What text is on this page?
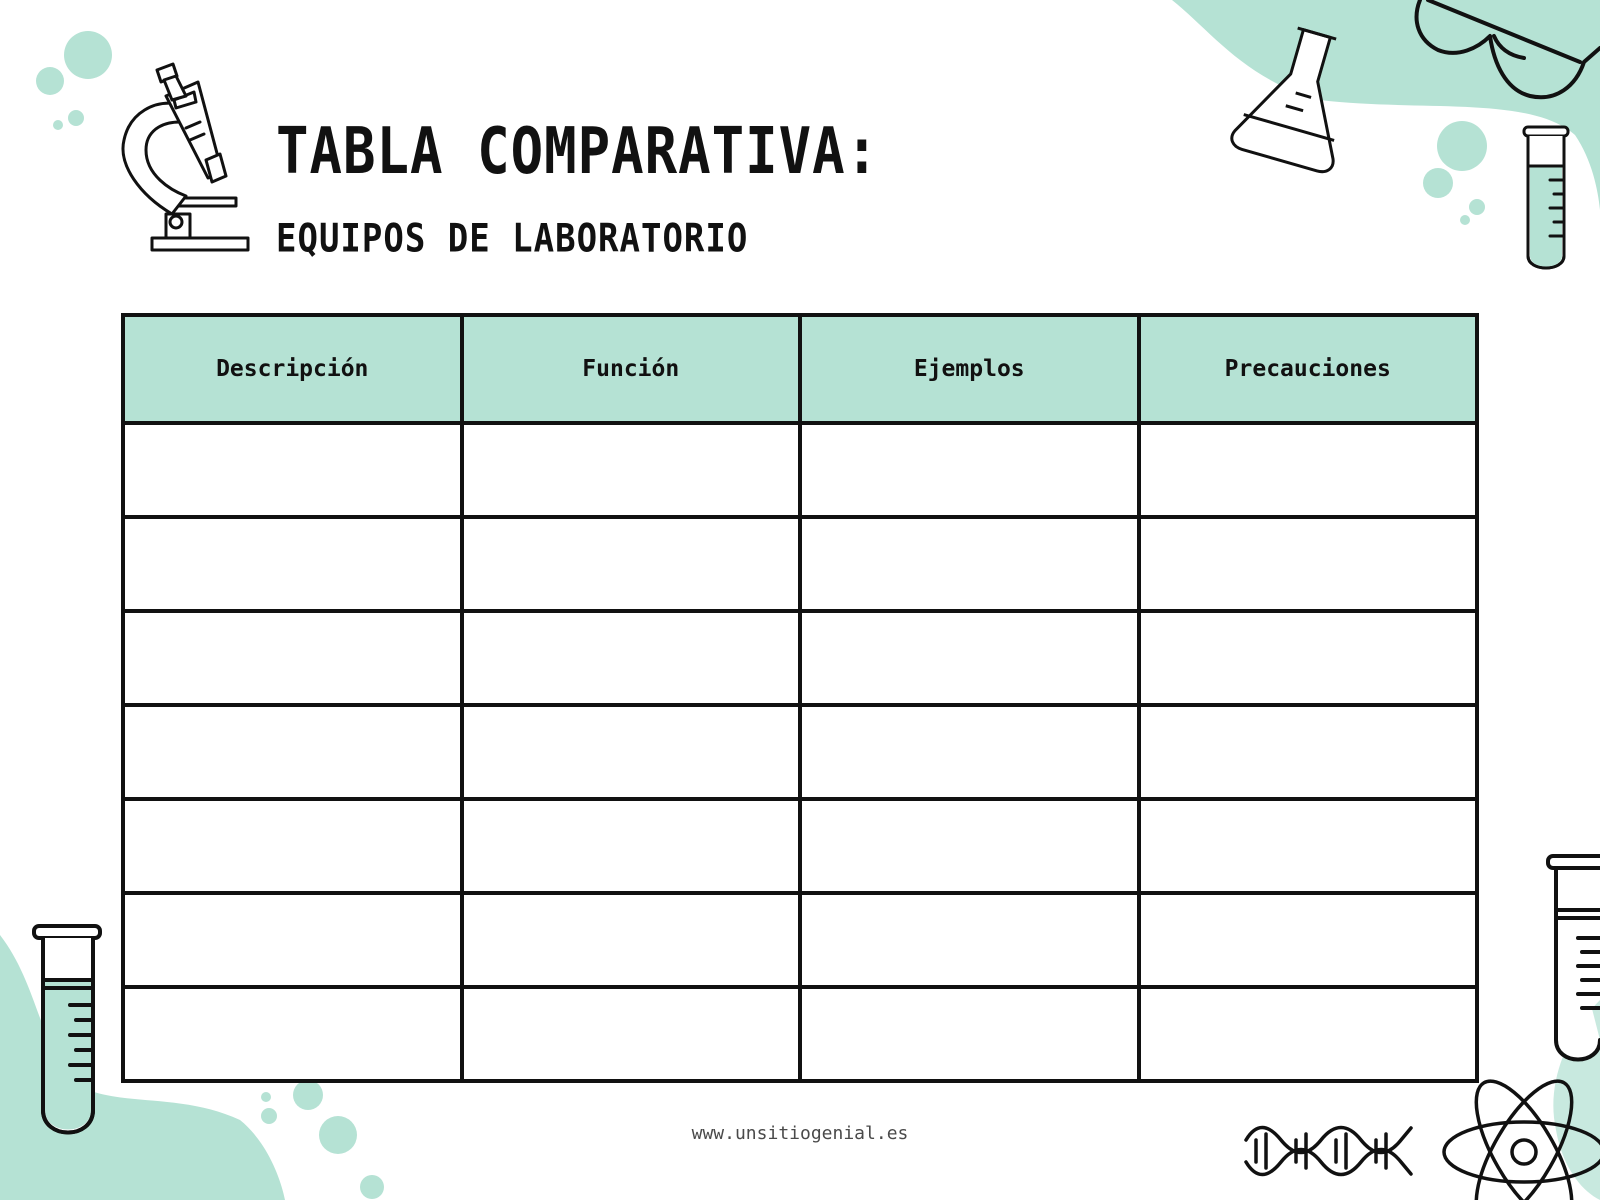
TABLA COMPARATIVA:
EQUIPOS DE LABORATORIO
Descripción	Función	Ejemplos	Precauciones

www.unsitiogenial.es
